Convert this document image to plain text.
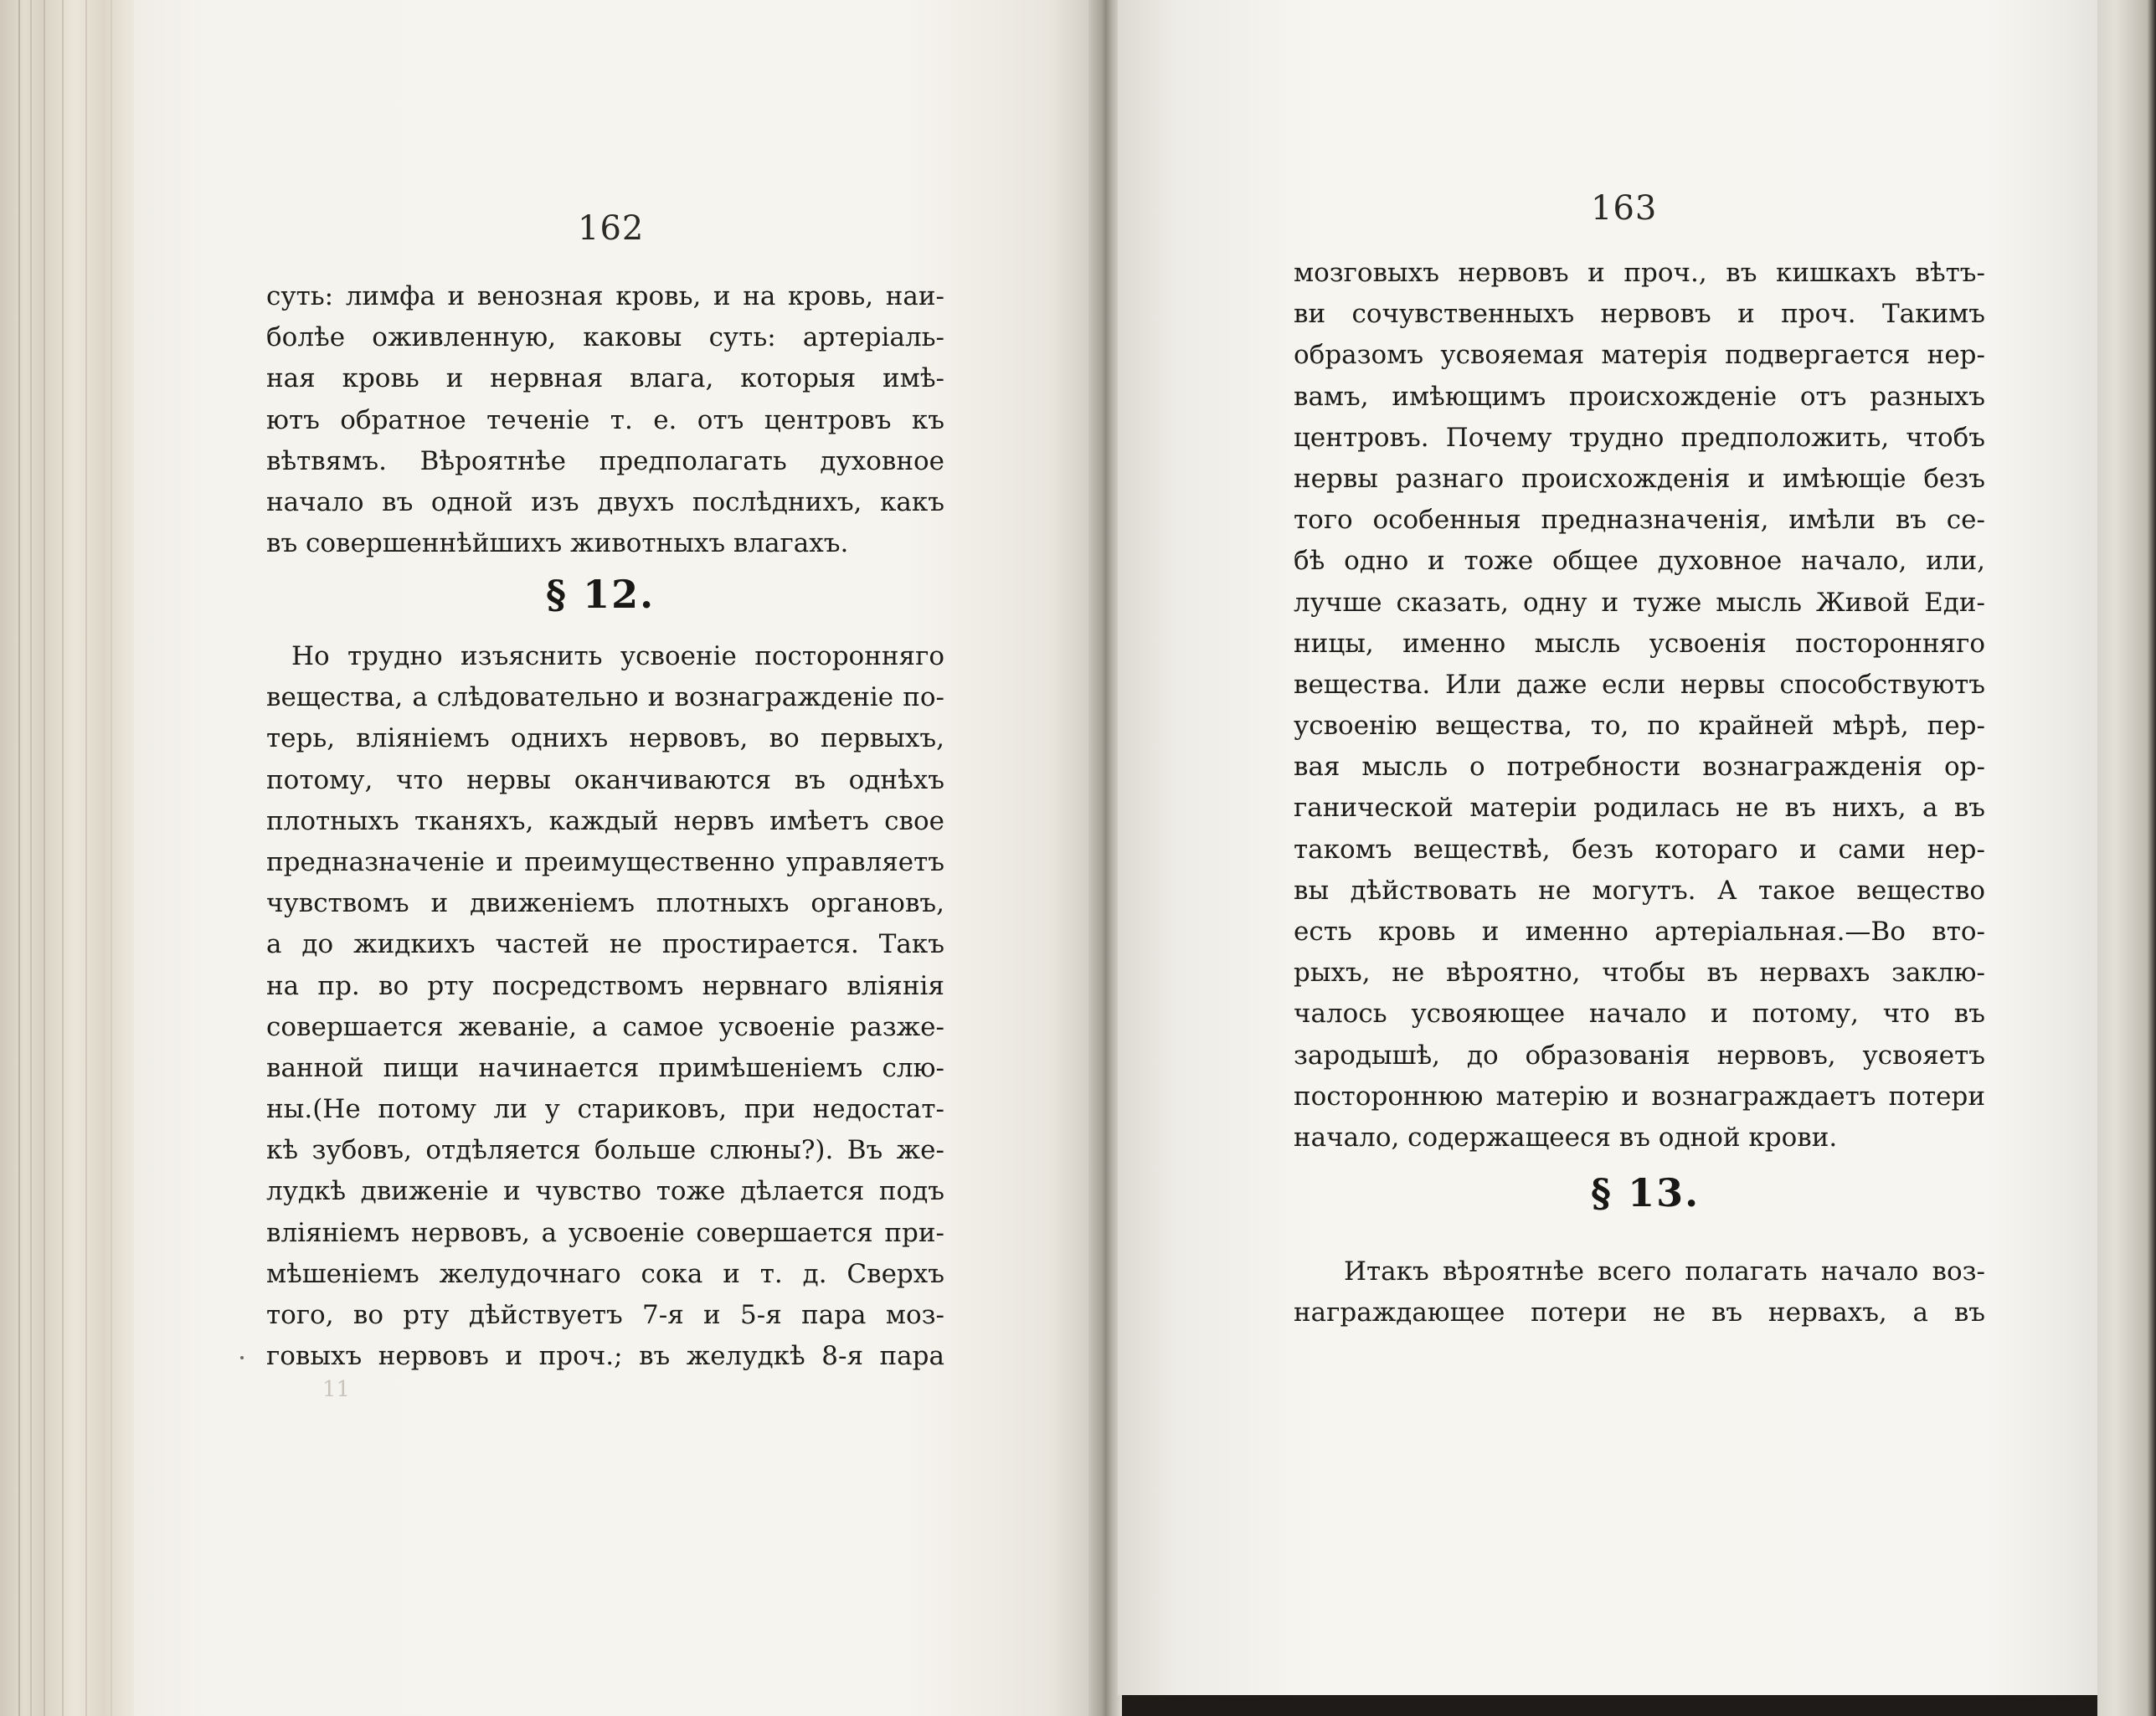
162
суть: лимфа и венозная кровь, и на кровь, наи-
болѣе оживленную, каковы суть: артеріаль-
ная кровь и нервная влага, которыя имѣ-
ютъ обратное теченіе т. е. отъ центровъ къ
вѣтвямъ. Вѣроятнѣе предполагать духовное
начало въ одной изъ двухъ послѣднихъ, какъ
въ совершеннѣйшихъ животныхъ влагахъ.
§ 12.
Но трудно изъяснить усвоеніе посторонняго
вещества, а слѣдовательно и вознагражденіе по-
терь, вліяніемъ однихъ нервовъ, во первыхъ,
потому, что нервы оканчиваются въ однѣхъ
плотныхъ тканяхъ, каждый нервъ имѣетъ свое
предназначеніе и преимущественно управляетъ
чувствомъ и движеніемъ плотныхъ органовъ,
а до жидкихъ частей не простирается. Такъ
на пр. во рту посредствомъ нервнаго вліянія
совершается жеваніе, а самое усвоеніе разже-
ванной пищи начинается примѣшеніемъ слю-
ны.(Не потому ли у стариковъ, при недостат-
кѣ зубовъ, отдѣляется больше слюны?). Въ же-
лудкѣ движеніе и чувство тоже дѣлается подъ
вліяніемъ нервовъ, а усвоеніе совершается при-
мѣшеніемъ желудочнаго сока и т. д. Сверхъ
того, во рту дѣйствуетъ 7-я и 5-я пара моз-
говыхъ нервовъ и проч.; въ желудкѣ 8-я пара
11
163
мозговыхъ нервовъ и проч., въ кишкахъ вѣтъ-
ви сочувственныхъ нервовъ и проч. Такимъ
образомъ усвояемая матерія подвергается нер-
вамъ, имѣющимъ происхожденіе отъ разныхъ
центровъ. Почему трудно предположить, чтобъ
нервы разнаго происхожденія и имѣющіе безъ
того особенныя предназначенія, имѣли въ се-
бѣ одно и тоже общее духовное начало, или,
лучше сказать, одну и туже мысль Живой Еди-
ницы, именно мысль усвоенія посторонняго
вещества. Или даже если нервы способствуютъ
усвоенію вещества, то, по крайней мѣрѣ, пер-
вая мысль о потребности вознагражденія ор-
ганической матеріи родилась не въ нихъ, а въ
такомъ веществѣ, безъ котораго и сами нер-
вы дѣйствовать не могутъ. А такое вещество
есть кровь и именно артеріальная.—Во вто-
рыхъ, не вѣроятно, чтобы въ нервахъ заклю-
чалось усвояющее начало и потому, что въ
зародышѣ, до образованія нервовъ, усвояетъ
постороннюю матерію и вознаграждаетъ потери
начало, содержащееся въ одной крови.
§ 13.
Итакъ вѣроятнѣе всего полагать начало воз-
награждающее потери не въ нервахъ, а въ
